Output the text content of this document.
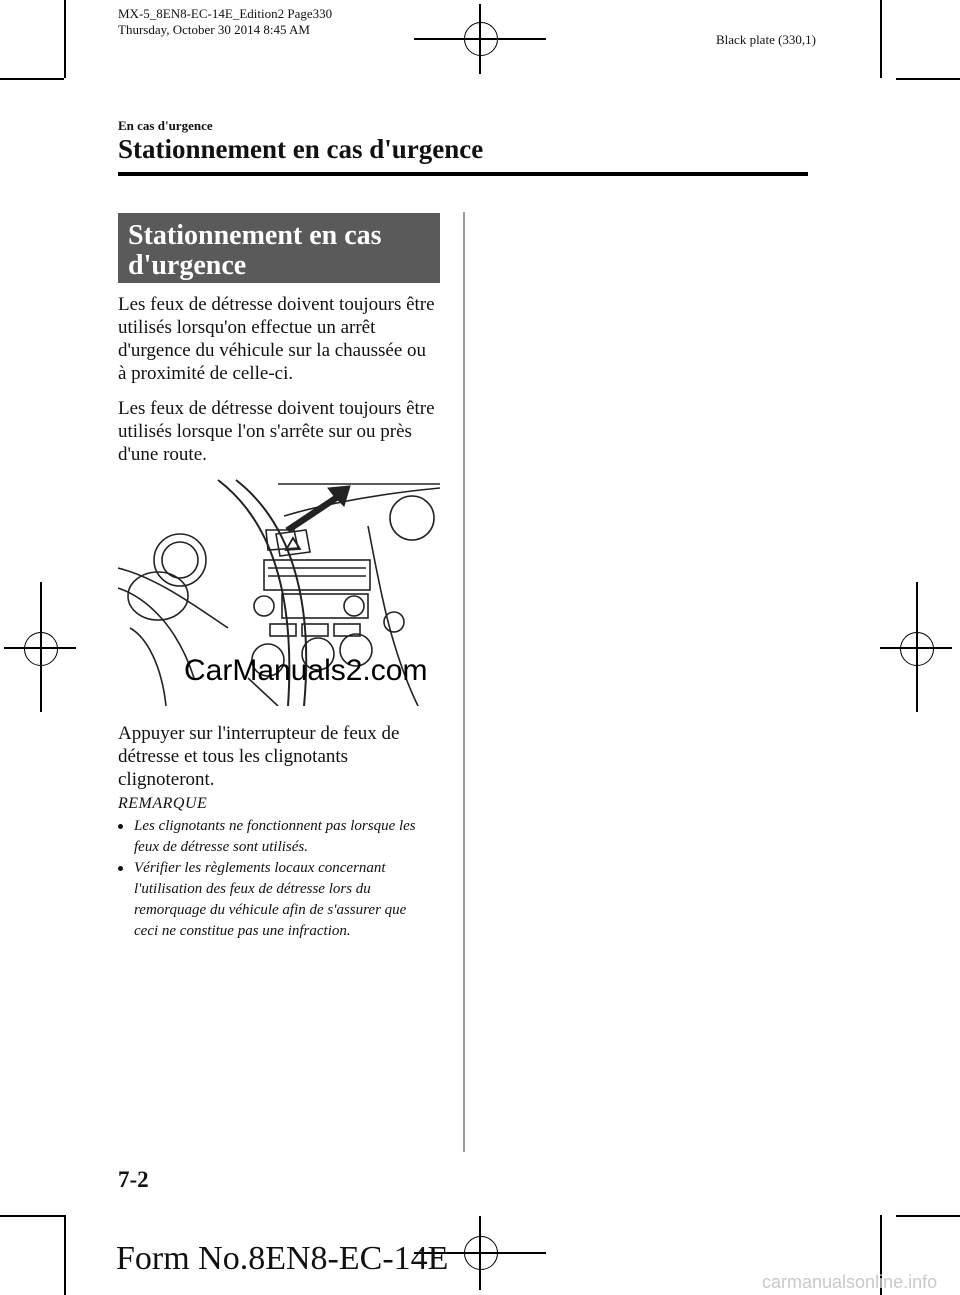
MX-5_8EN8-EC-14E_Edition2 Page330
Thursday, October 30 2014 8:45 AM
Black plate (330,1)
En cas d'urgence
Stationnement en cas d'urgence
Stationnement en cas d'urgence
Les feux de détresse doivent toujours être utilisés lorsqu'on effectue un arrêt d'urgence du véhicule sur la chaussée ou à proximité de celle-ci.
Les feux de détresse doivent toujours être utilisés lorsque l'on s'arrête sur ou près d'une route.
CarManuals2.com
Appuyer sur l'interrupteur de feux de détresse et tous les clignotants clignoteront.
REMARQUE
Les clignotants ne fonctionnent pas lorsque les feux de détresse sont utilisés.
Vérifier les règlements locaux concernant l'utilisation des feux de détresse lors du remorquage du véhicule afin de s'assurer que ceci ne constitue pas une infraction.
7-2
Form No.8EN8-EC-14E
carmanualsonline.info
